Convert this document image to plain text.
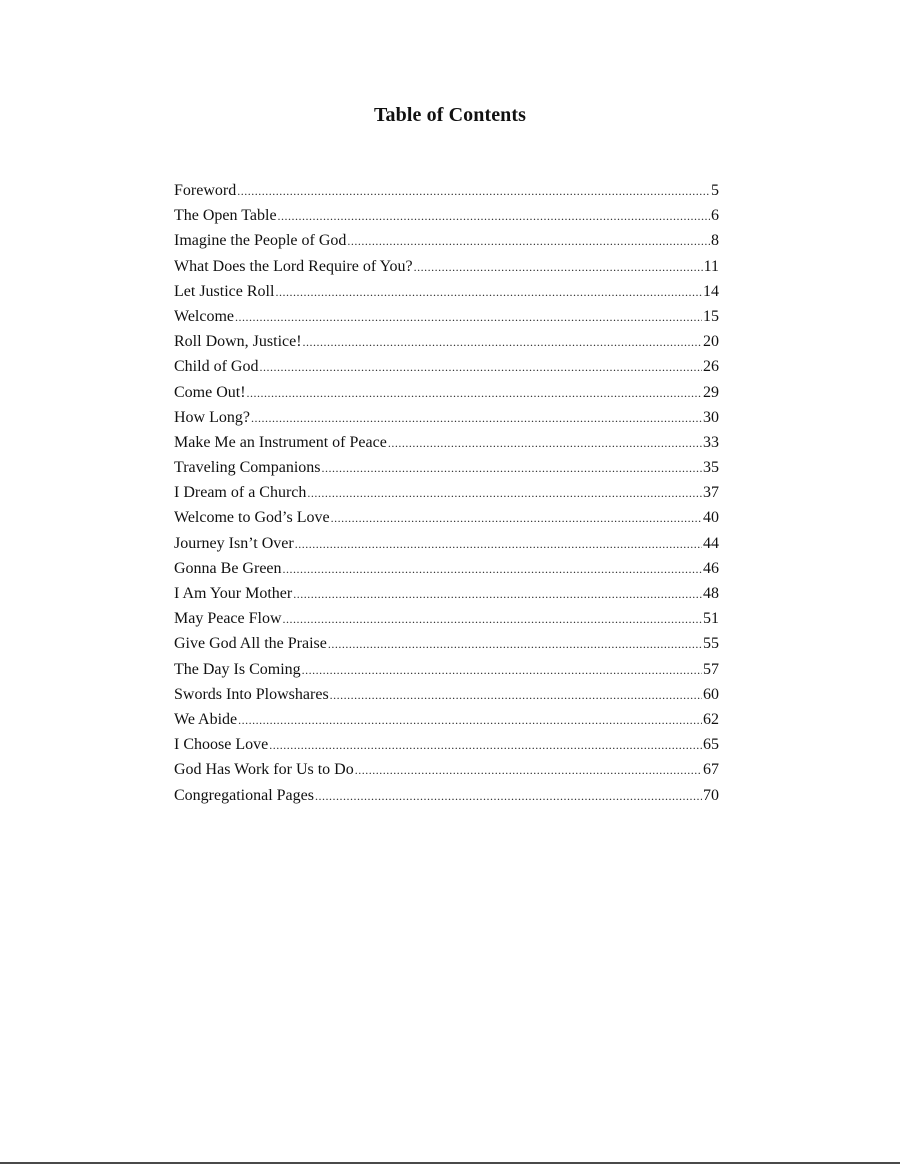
Table of Contents
Foreword .....	5
The Open Table .....	6
Imagine the People of God .....	8
What Does the Lord Require of You? .....	11
Let Justice Roll .....	14
Welcome .....	15
Roll Down, Justice! .....	20
Child of God .....	26
Come Out! .....	29
How Long? .....	30
Make Me an Instrument of Peace .....	33
Traveling Companions .....	35
I Dream of a Church .....	37
Welcome to God’s Love .....	40
Journey Isn’t Over .....	44
Gonna Be Green .....	46
I Am Your Mother .....	48
May Peace Flow .....	51
Give God All the Praise .....	55
The Day Is Coming .....	57
Swords Into Plowshares .....	60
We Abide .....	62
I Choose Love .....	65
God Has Work for Us to Do .....	67
Congregational Pages .....	70
